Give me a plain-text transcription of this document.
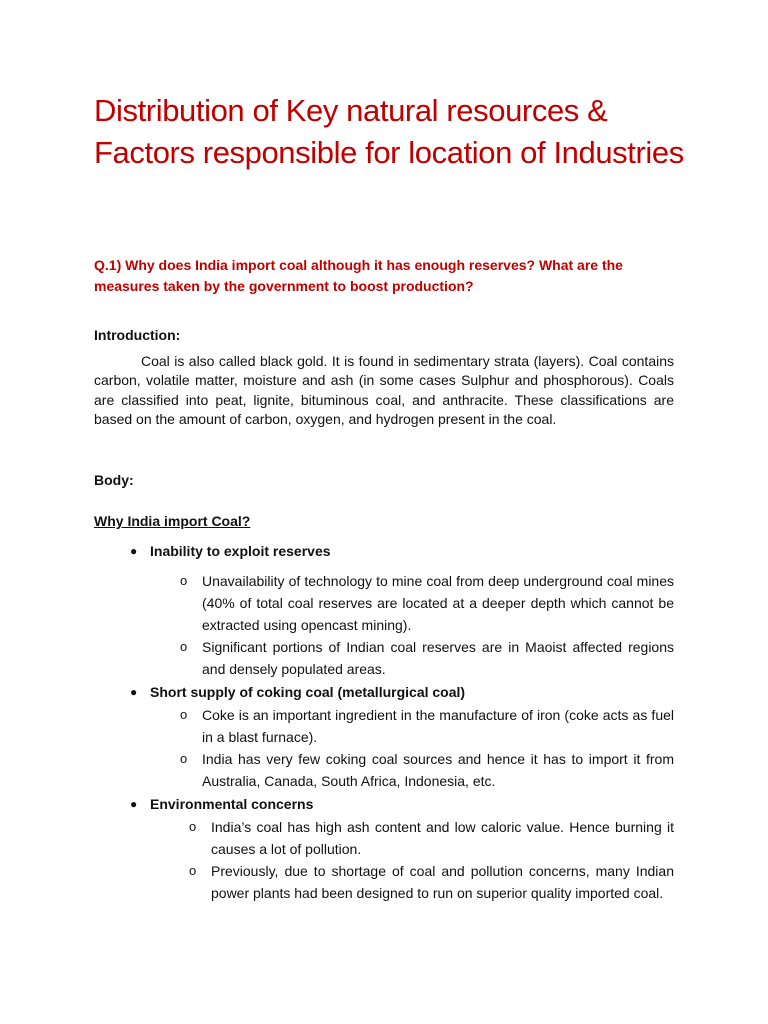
Distribution of Key natural resources & Factors responsible for location of Industries

Q.1) Why does India import coal although it has enough reserves? What are the measures taken by the government to boost production?

Introduction:

Coal is also called black gold. It is found in sedimentary strata (layers). Coal contains carbon, volatile matter, moisture and ash (in some cases Sulphur and phosphorous). Coals are classified into peat, lignite, bituminous coal, and anthracite. These classifications are based on the amount of carbon, oxygen, and hydrogen present in the coal.

Body:

Why India import Coal?

● Inability to exploit reserves
o	Unavailability of technology to mine coal from deep underground coal mines (40% of total coal reserves are located at a deeper depth which cannot be extracted using opencast mining).
o	Significant portions of Indian coal reserves are in Maoist affected regions and densely populated areas.
● Short supply of coking coal (metallurgical coal)
o	Coke is an important ingredient in the manufacture of iron (coke acts as fuel in a blast furnace).
o	India has very few coking coal sources and hence it has to import it from Australia, Canada, South Africa, Indonesia, etc.
● Environmental concerns
o	India’s coal has high ash content and low caloric value. Hence burning it causes a lot of pollution.
o	Previously, due to shortage of coal and pollution concerns, many Indian power plants had been designed to run on superior quality imported coal.
